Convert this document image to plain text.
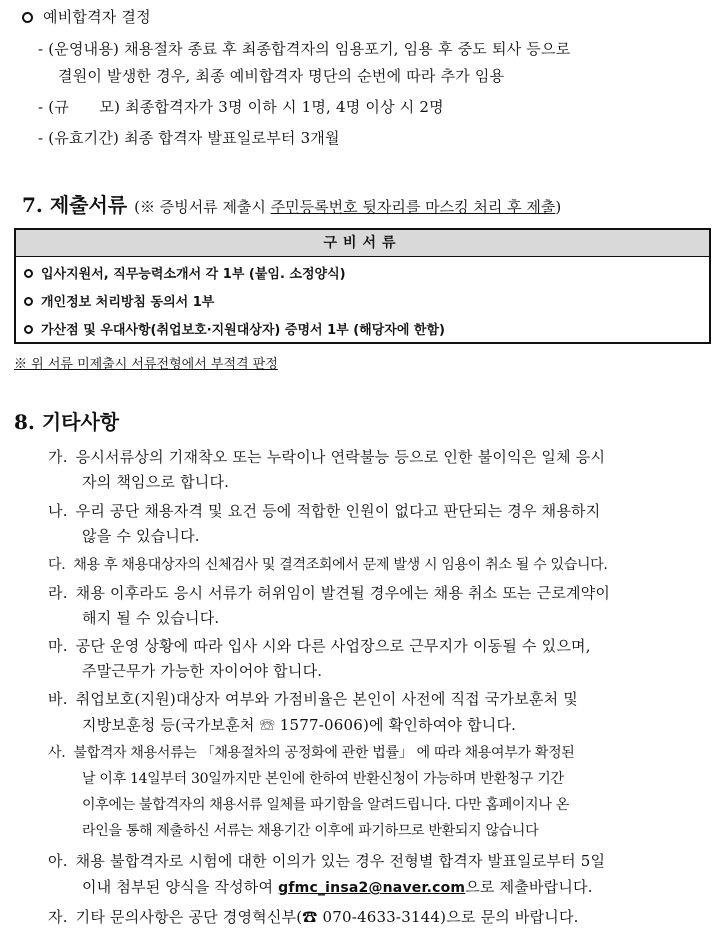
예비합격자 결정
- (운영내용) 채용절차 종료 후 최종합격자의 임용포기, 임용 후 중도 퇴사 등으로
결원이 발생한 경우, 최종 예비합격자 명단의 순번에 따라 추가 임용
- (규　　모) 최종합격자가 3명 이하 시 1명, 4명 이상 시 2명
- (유효기간) 최종 합격자 발표일로부터 3개월
7. 제출서류 (※ 증빙서류 제출시 주민등록번호 뒷자리를 마스킹 처리 후 제출)
구비서류
입사지원서, 직무능력소개서 각 1부 (붙임. 소정양식)
개인정보 처리방침 동의서 1부
가산점 및 우대사항(취업보호·지원대상자) 증명서 1부 (해당자에 한함)
※ 위 서류 미제출시 서류전형에서 부적격 판정
8. 기타사항
가. 응시서류상의 기재착오 또는 누락이나 연락불능 등으로 인한 불이익은 일체 응시
자의 책임으로 합니다.
나. 우리 공단 채용자격 및 요건 등에 적합한 인원이 없다고 판단되는 경우 채용하지
않을 수 있습니다.
다. 채용 후 채용대상자의 신체검사 및 결격조회에서 문제 발생 시 임용이 취소 될 수 있습니다.
라. 채용 이후라도 응시 서류가 허위임이 발견될 경우에는 채용 취소 또는 근로계약이
해지 될 수 있습니다.
마. 공단 운영 상황에 따라 입사 시와 다른 사업장으로 근무지가 이동될 수 있으며,
주말근무가 가능한 자이어야 합니다.
바. 취업보호(지원)대상자 여부와 가점비율은 본인이 사전에 직접 국가보훈처 및
지방보훈청 등(국가보훈처 ☏ 1577-0606)에 확인하여야 합니다.
사. 불합격자 채용서류는 「채용절차의 공정화에 관한 법률」 에 따라 채용여부가 확정된
날 이후 14일부터 30일까지만 본인에 한하여 반환신청이 가능하며 반환청구 기간
이후에는 불합격자의 채용서류 일체를 파기함을 알려드립니다. 다만 홈페이지나 온
라인을 통해 제출하신 서류는 채용기간 이후에 파기하므로 반환되지 않습니다
아. 채용 불합격자로 시험에 대한 이의가 있는 경우 전형별 합격자 발표일로부터 5일
이내 첨부된 양식을 작성하여 gfmc_insa2@naver.com으로 제출바랍니다.
자. 기타 문의사항은 공단 경영혁신부(☎ 070-4633-3144)으로 문의 바랍니다.
